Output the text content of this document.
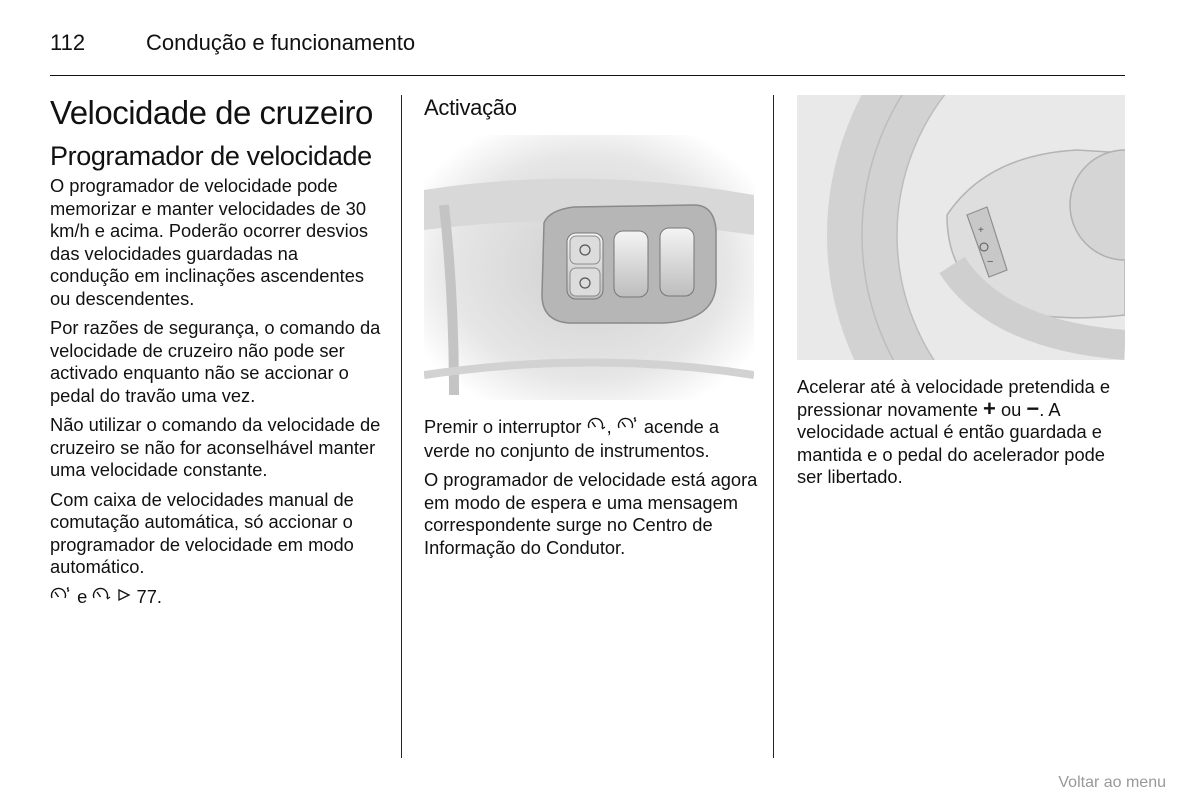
112	Condução e funcionamento
Velocidade de cruzeiro
Programador de velocidade

O programador de velocidade pode memorizar e manter velocidades de 30 km/h e acima. Poderão ocorrer desvios das velocidades guardadas na condução em inclinações ascendentes ou descendentes.

Por razões de segurança, o comando da velocidade de cruzeiro não pode ser activado enquanto não se accionar o pedal do travão uma vez.

Não utilizar o comando da velocidade de cruzeiro se não for aconselhável manter uma velocidade constante.

Com caixa de velocidades manual de comutação automática, só accionar o programador de velocidade em modo automático.

e	77.

Activação

Premir o interruptor ,  acende a verde no conjunto de instrumentos.

O programador de velocidade está agora em modo de espera e uma mensagem correspondente surge no Centro de Informação do Condutor.

+
−

Acelerar até à velocidade pretendida e pressionar novamente + ou −. A velocidade actual é então guardada e mantida e o pedal do acelerador pode ser libertado.

Voltar ao menu
